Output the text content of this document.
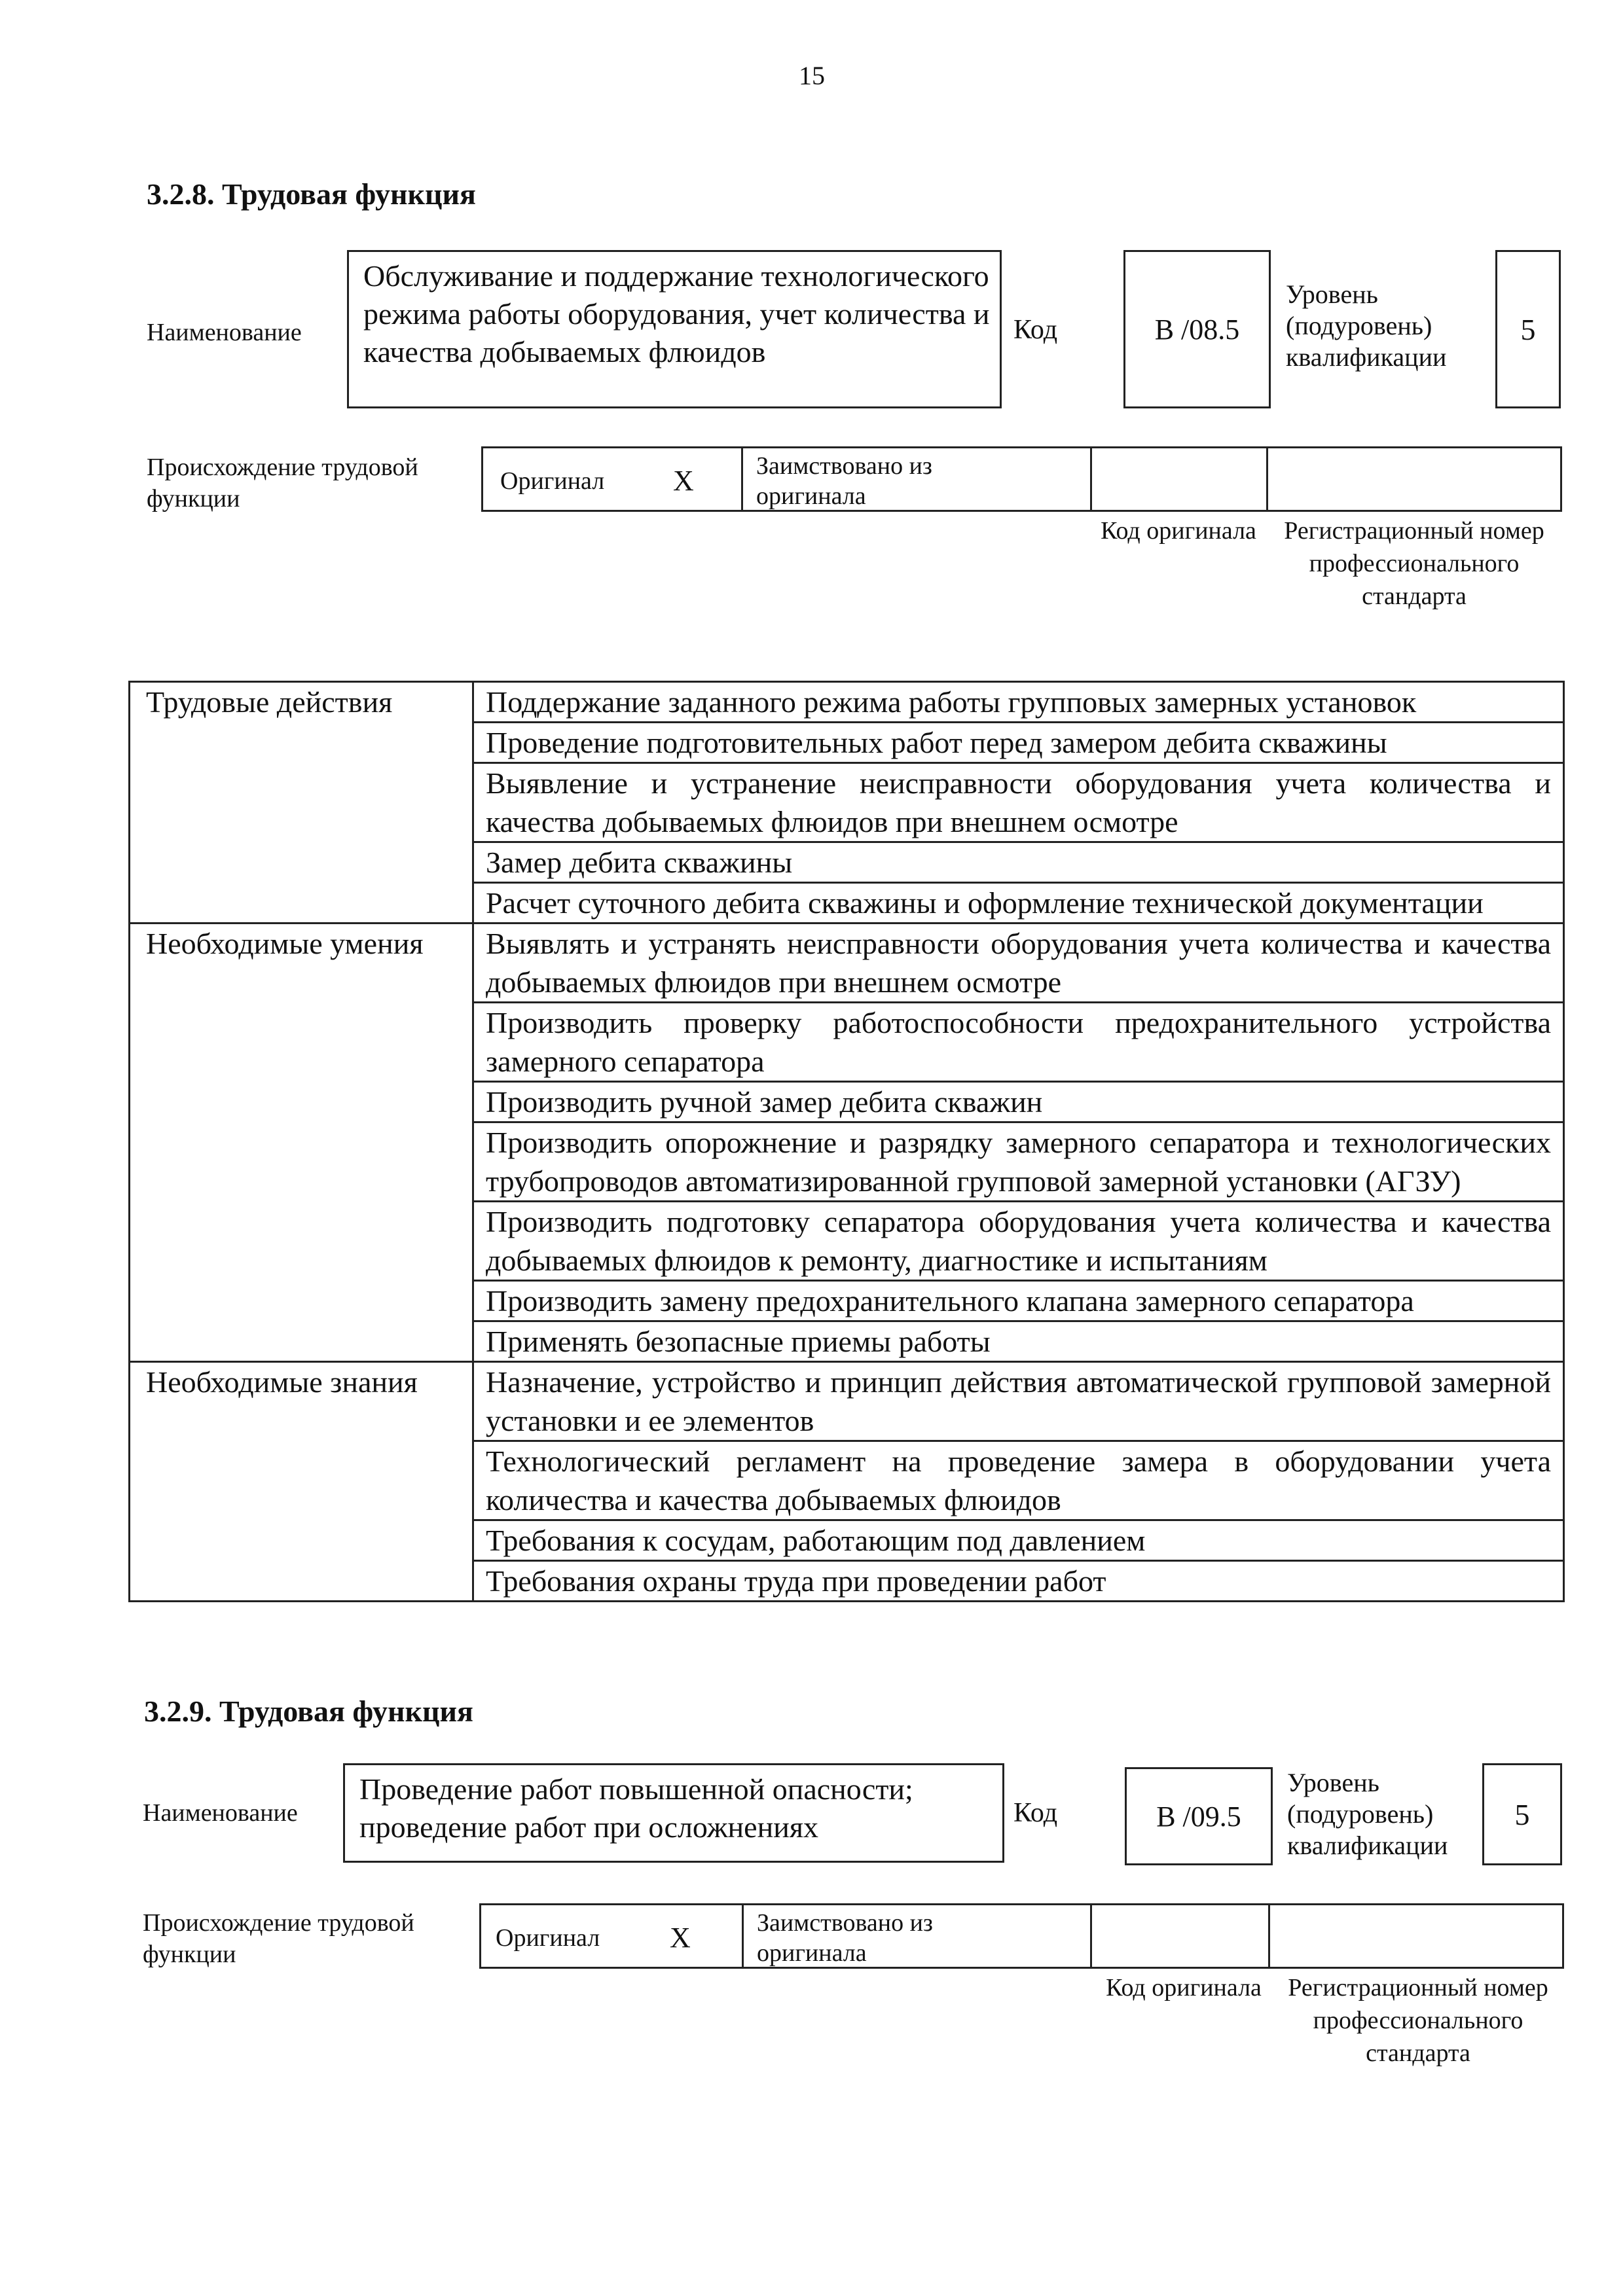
15
3.2.8. Трудовая функция
Наименование
Обслуживание и поддержание технологического режима работы оборудования, учет количества и качества добываемых флюидов
Код	В /08.5
Уровень (подуровень) квалификации
5
Происхождение трудовой функции
Оригинал X	Заимствовано из оригинала
Код оригинала Регистрационный номер профессионального стандарта
Трудовые действия	Поддержание заданного режима работы групповых замерных установок
	Проведение подготовительных работ перед замером дебита скважины
	Выявление и устранение неисправности оборудования учета количества и качества добываемых флюидов при внешнем осмотре
	Замер дебита скважины
	Расчет суточного дебита скважины и оформление технической документации
Необходимые умения	Выявлять и устранять неисправности оборудования учета количества и качества добываемых флюидов при внешнем осмотре
	Производить проверку работоспособности предохранительного устройства замерного сепаратора
	Производить ручной замер дебита скважин
	Производить опорожнение и разрядку замерного сепаратора и технологических трубопроводов автоматизированной групповой замерной установки (АГЗУ)
	Производить подготовку сепаратора оборудования учета количества и качества добываемых флюидов к ремонту, диагностике и испытаниям
	Производить замену предохранительного клапана замерного сепаратора
	Применять безопасные приемы работы
Необходимые знания	Назначение, устройство и принцип действия автоматической групповой замерной установки и ее элементов
	Технологический регламент на проведение замера в оборудовании учета количества и качества добываемых флюидов
	Требования к сосудам, работающим под давлением
	Требования охраны труда при проведении работ
3.2.9. Трудовая функция
Наименование
Проведение работ повышенной опасности; проведение работ при осложнениях	Код	В /09.5
Уровень (подуровень) квалификации
5
Происхождение трудовой функции
Оригинал X	Заимствовано из оригинала
Код оригинала Регистрационный номер профессионального стандарта
